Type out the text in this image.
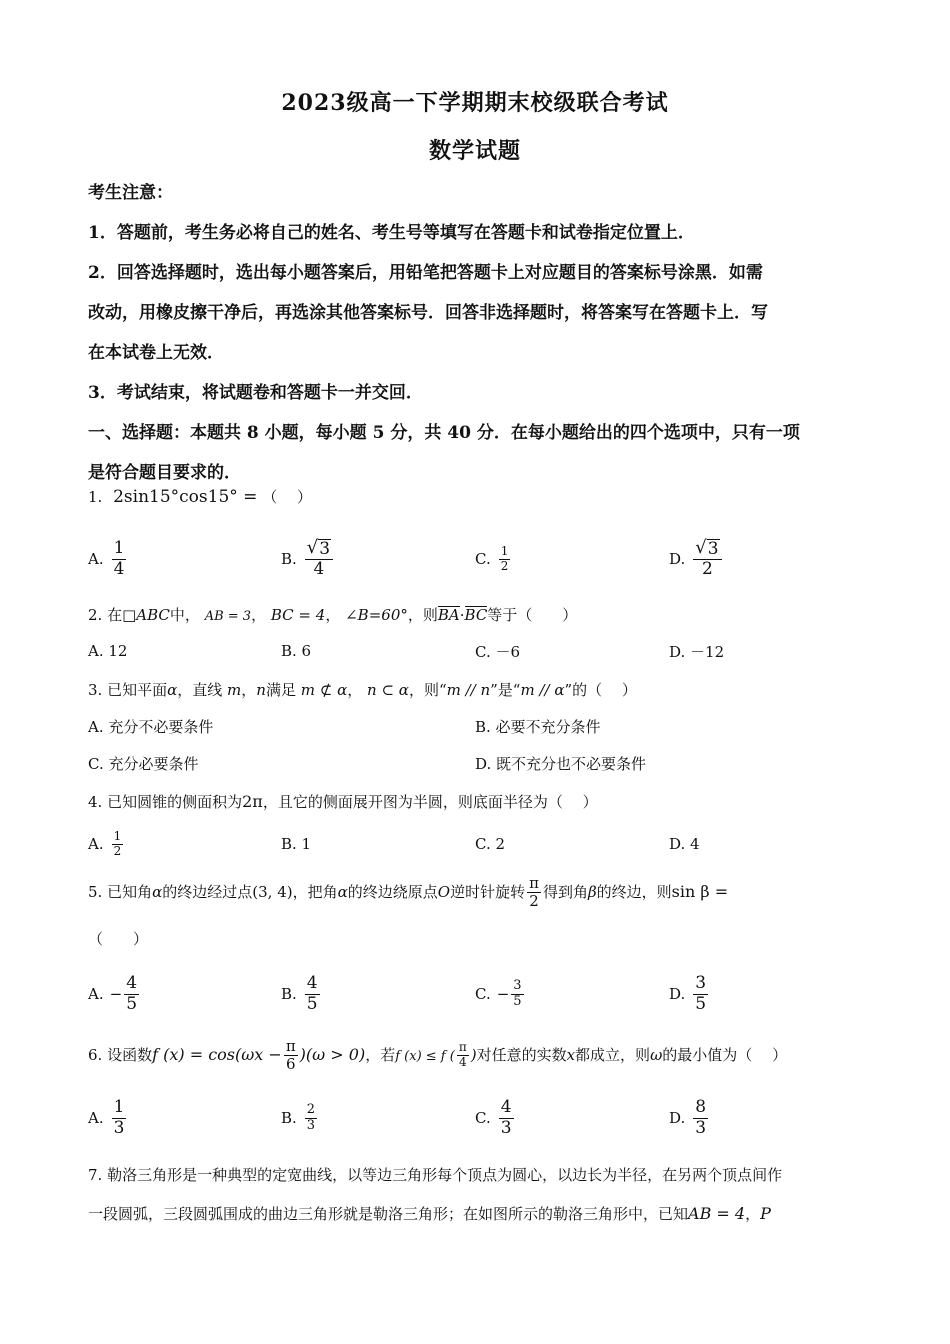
2023级高一下学期期末校级联合考试
数学试题
考生注意：
1．答题前，考生务必将自己的姓名、考生号等填写在答题卡和试卷指定位置上．
2．回答选择题时，选出每小题答案后，用铅笔把答题卡上对应题目的答案标号涂黑．如需
改动，用橡皮擦干净后，再选涂其他答案标号．回答非选择题时，将答案写在答题卡上．写
在本试卷上无效．
3．考试结束，将试题卷和答题卡一并交回．
一、选择题：本题共 8 小题，每小题 5 分，共 40 分．在每小题给出的四个选项中，只有一项
是符合题目要求的．
1. 2sin15°cos15° = （　 ）
A. $\frac{1}{4}$	B. $\frac{√ 3}{4}$	C. $\frac{1}{2}$	D. $\frac{√ 3}{2}$
2. 在□ABC中， AB = 3， BC = 4， ∠B=60°，则BA·BC等于（　　）
A. 12	B. 6	C. －6	D. －12
3. 已知平面α，直线 m，n满足 m ⊄ α， n ⊂ α，则“m // n”是“m // α”的（　 ）
A. 充分不必要条件	B. 必要不充分条件
C. 充分必要条件	D. 既不充分也不必要条件
4. 已知圆锥的侧面积为2π，且它的侧面展开图为半圆，则底面半径为（　 ）
A. $\frac{1}{2}$	B. 1	C. 2	D. 4
5. 已知角α的终边经过点(3, 4)，把角α的终边绕原点O逆时针旋转 $\frac{\pi}{2}$ 得到角β的终边，则sin β =
（　　）
A. − $\frac{4}{5}$	B. $\frac{4}{5}$	C. − $\frac{3}{5}$	D. $\frac{3}{5}$
6. 设函数f $(x) = \cos(\omega x - \frac{\pi}{6} )(\omega > 0)$，若f (x) ≤ f ( $\frac{\pi}{4}$ )对任意的实数x都成立，则ω的最小值为（　 ）
A. $\frac{1}{3}$	B. $\frac{2}{3}$	C. $\frac{4}{3}$	D. $\frac{8}{3}$
7. 勒洛三角形是一种典型的定宽曲线，以等边三角形每个顶点为圆心，以边长为半径，在另两个顶点间作
一段圆弧，三段圆弧围成的曲边三角形就是勒洛三角形；在如图所示的勒洛三角形中，已知AB = 4，P
